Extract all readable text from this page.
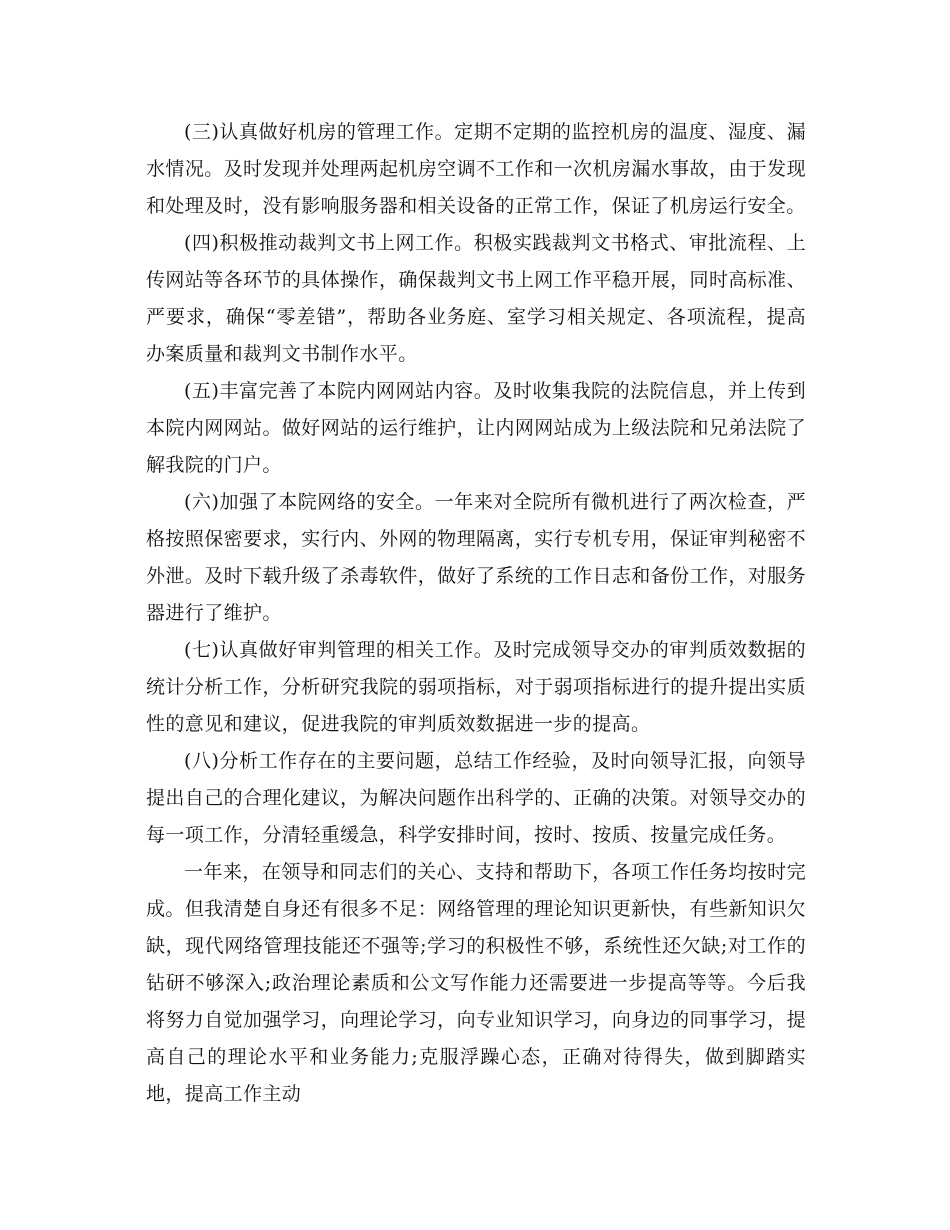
(三)认真做好机房的管理工作。定期不定期的监控机房的温度、湿度、漏水情况。及时发现并处理两起机房空调不工作和一次机房漏水事故，由于发现和处理及时，没有影响服务器和相关设备的正常工作，保证了机房运行安全。

(四)积极推动裁判文书上网工作。积极实践裁判文书格式、审批流程、上传网站等各环节的具体操作，确保裁判文书上网工作平稳开展，同时高标准、严要求，确保“零差错”，帮助各业务庭、室学习相关规定、各项流程，提高办案质量和裁判文书制作水平。

(五)丰富完善了本院内网网站内容。及时收集我院的法院信息，并上传到本院内网网站。做好网站的运行维护，让内网网站成为上级法院和兄弟法院了解我院的门户。

(六)加强了本院网络的安全。一年来对全院所有微机进行了两次检查，严格按照保密要求，实行内、外网的物理隔离，实行专机专用，保证审判秘密不外泄。及时下载升级了杀毒软件，做好了系统的工作日志和备份工作，对服务器进行了维护。

(七)认真做好审判管理的相关工作。及时完成领导交办的审判质效数据的统计分析工作，分析研究我院的弱项指标，对于弱项指标进行的提升提出实质性的意见和建议，促进我院的审判质效数据进一步的提高。

(八)分析工作存在的主要问题，总结工作经验，及时向领导汇报，向领导提出自己的合理化建议，为解决问题作出科学的、正确的决策。对领导交办的每一项工作，分清轻重缓急，科学安排时间，按时、按质、按量完成任务。

一年来，在领导和同志们的关心、支持和帮助下，各项工作任务均按时完成。但我清楚自身还有很多不足：网络管理的理论知识更新快，有些新知识欠缺，现代网络管理技能还不强等;学习的积极性不够，系统性还欠缺;对工作的钻研不够深入;政治理论素质和公文写作能力还需要进一步提高等等。今后我将努力自觉加强学习，向理论学习，向专业知识学习，向身边的同事学习，提高自己的理论水平和业务能力;克服浮躁心态，正确对待得失，做到脚踏实地，提高工作主动
